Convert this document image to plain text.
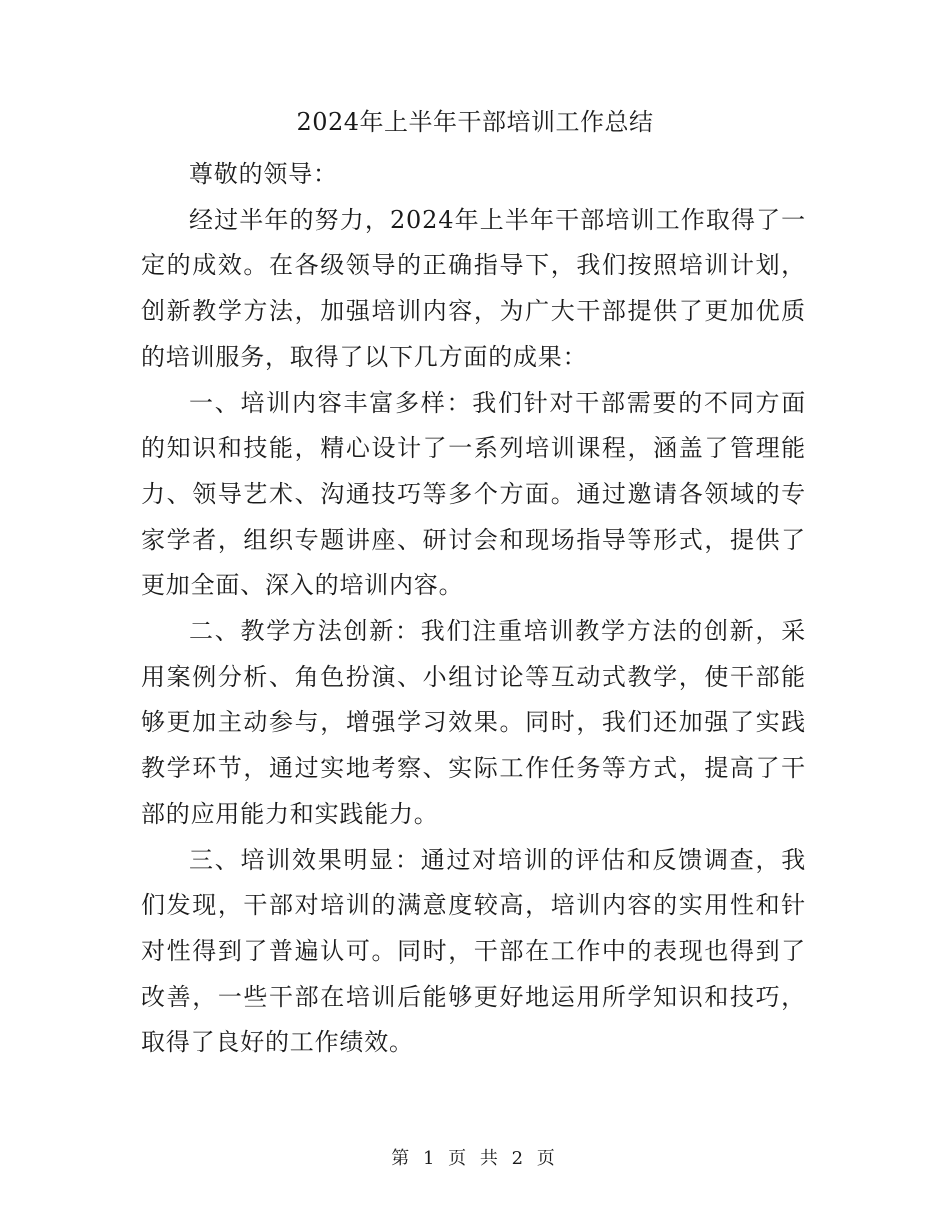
2024年上半年干部培训工作总结

尊敬的领导：

经过半年的努力，2024年上半年干部培训工作取得了一定的成效。在各级领导的正确指导下，我们按照培训计划，创新教学方法，加强培训内容，为广大干部提供了更加优质的培训服务，取得了以下几方面的成果：

一、培训内容丰富多样：我们针对干部需要的不同方面的知识和技能，精心设计了一系列培训课程，涵盖了管理能力、领导艺术、沟通技巧等多个方面。通过邀请各领域的专家学者，组织专题讲座、研讨会和现场指导等形式，提供了更加全面、深入的培训内容。

二、教学方法创新：我们注重培训教学方法的创新，采用案例分析、角色扮演、小组讨论等互动式教学，使干部能够更加主动参与，增强学习效果。同时，我们还加强了实践教学环节，通过实地考察、实际工作任务等方式，提高了干部的应用能力和实践能力。

三、培训效果明显：通过对培训的评估和反馈调查，我们发现，干部对培训的满意度较高，培训内容的实用性和针对性得到了普遍认可。同时，干部在工作中的表现也得到了改善，一些干部在培训后能够更好地运用所学知识和技巧，取得了良好的工作绩效。

第 1 页 共 2 页
